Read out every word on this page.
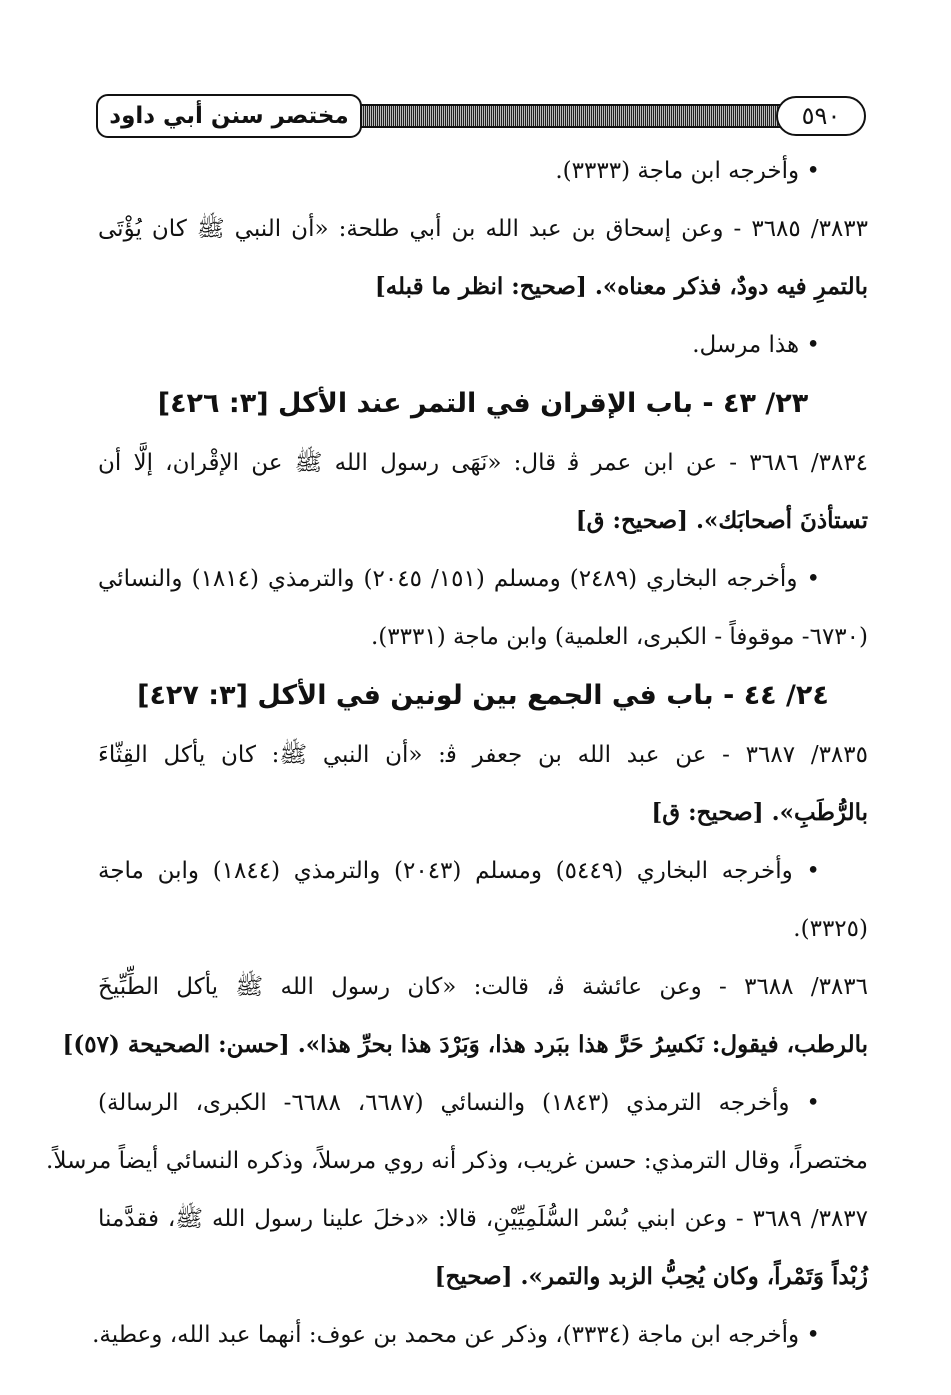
مختصر سنن أبي داود	٥٩٠
• وأخرجه ابن ماجة (٣٣٣٣).
٣٨٣٣/ ٣٦٨٥ - وعن إسحاق بن عبد الله بن أبي طلحة: «أن النبي ﷺ كان يُؤْتَى
بالتمرِ فيه دودٌ، فذكر معناه». [صحيح: انظر ما قبله]
• هذا مرسل.
٢٣/ ٤٣ - باب الإقران في التمر عند الأكل [٣: ٤٢٦]
٣٨٣٤/ ٣٦٨٦ - عن ابن عمر ﭬ قال: «نَهَى رسول الله ﷺ عن الإقْران، إلَّا أن
تستأذنَ أصحابَك». [صحيح: ق]
• وأخرجه البخاري (٢٤٨٩) ومسلم (١٥١/ ٢٠٤٥) والترمذي (١٨١٤) والنسائي
(٦٧٣٠- موقوفاً - الكبرى، العلمية) وابن ماجة (٣٣٣١).
٢٤/ ٤٤ - باب في الجمع بين لونين في الأكل [٣: ٤٢٧]
٣٨٣٥/ ٣٦٨٧ - عن عبد الله بن جعفر ﭬ: «أن النبي ﷺ: كان يأكل القِثّاءَ
بالرُّطَبِ». [صحيح: ق]
• وأخرجه البخاري (٥٤٤٩) ومسلم (٢٠٤٣) والترمذي (١٨٤٤) وابن ماجة
(٣٣٢٥).
٣٨٣٦/ ٣٦٨٨ - وعن عائشة ﭬ، قالت: «كان رسول الله ﷺ يأكل الطِّبِّيخَ
بالرطب، فيقول: نَكسِرُ حَرَّ هذا ببَرد هذا، وَبَرْدَ هذا بحرِّ هذا». [حسن: الصحيحة (٥٧)]
• وأخرجه الترمذي (١٨٤٣) والنسائي (٦٦٨٧، ٦٦٨٨- الكبرى، الرسالة)
مختصراً، وقال الترمذي: حسن غريب، وذكر أنه روي مرسلاً، وذكره النسائي أيضاً مرسلاً.
٣٨٣٧/ ٣٦٨٩ - وعن ابني بُسْر السُّلَمِيِّيْنِ، قالا: «دخلَ علينا رسول الله ﷺ، فقدَّمنا
زُبْداً وَتَمْراً، وكان يُحِبُّ الزبد والتمر». [صحيح]
• وأخرجه ابن ماجة (٣٣٣٤)، وذكر عن محمد بن عوف: أنهما عبد الله، وعطية.
